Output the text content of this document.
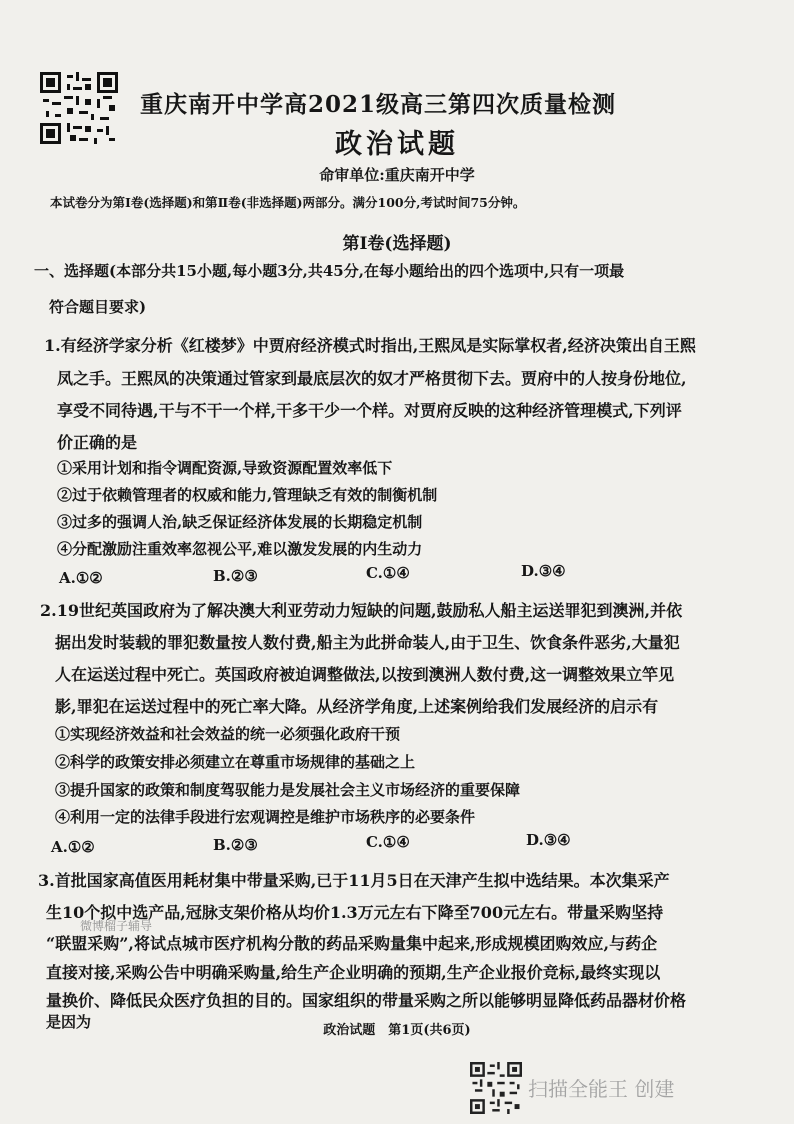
重庆南开中学高2021级高三第四次质量检测
政治试题
命审单位:重庆南开中学
本试卷分为第Ⅰ卷(选择题)和第Ⅱ卷(非选择题)两部分。满分100分,考试时间75分钟。
第Ⅰ卷(选择题)
一、选择题(本部分共15小题,每小题3分,共45分,在每小题给出的四个选项中,只有一项最
符合题目要求)
1.有经济学家分析《红楼梦》中贾府经济模式时指出,王熙凤是实际掌权者,经济决策出自王熙
凤之手。王熙凤的决策通过管家到最底层次的奴才严格贯彻下去。贾府中的人按身份地位,
享受不同待遇,干与不干一个样,干多干少一个样。对贾府反映的这种经济管理模式,下列评
价正确的是
①采用计划和指令调配资源,导致资源配置效率低下
②过于依赖管理者的权威和能力,管理缺乏有效的制衡机制
③过多的强调人治,缺乏保证经济体发展的长期稳定机制
④分配激励注重效率忽视公平,难以激发发展的内生动力
A.①②	B.②③	C.①④	D.③④
2.19世纪英国政府为了解决澳大利亚劳动力短缺的问题,鼓励私人船主运送罪犯到澳洲,并依
据出发时装载的罪犯数量按人数付费,船主为此拼命装人,由于卫生、饮食条件恶劣,大量犯
人在运送过程中死亡。英国政府被迫调整做法,以按到澳洲人数付费,这一调整效果立竿见
影,罪犯在运送过程中的死亡率大降。从经济学角度,上述案例给我们发展经济的启示有
①实现经济效益和社会效益的统一必须强化政府干预
②科学的政策安排必须建立在尊重市场规律的基础之上
③提升国家的政策和制度驾驭能力是发展社会主义市场经济的重要保障
④利用一定的法律手段进行宏观调控是维护市场秩序的必要条件
A.①②	B.②③	C.①④	D.③④
3.首批国家高值医用耗材集中带量采购,已于11月5日在天津产生拟中选结果。本次集采产
生10个拟中选产品,冠脉支架价格从均价1.3万元左右下降至700元左右。带量采购坚持
“联盟采购”,将试点城市医疗机构分散的药品采购量集中起来,形成规模团购效应,与药企
直接对接,采购公告中明确采购量,给生产企业明确的预期,生产企业报价竞标,最终实现以
量换价、降低民众医疗负担的目的。国家组织的带量采购之所以能够明显降低药品器材价格
是因为
微博榴子辅导
政治试题　第1页(共6页)
扫描全能王 创建
